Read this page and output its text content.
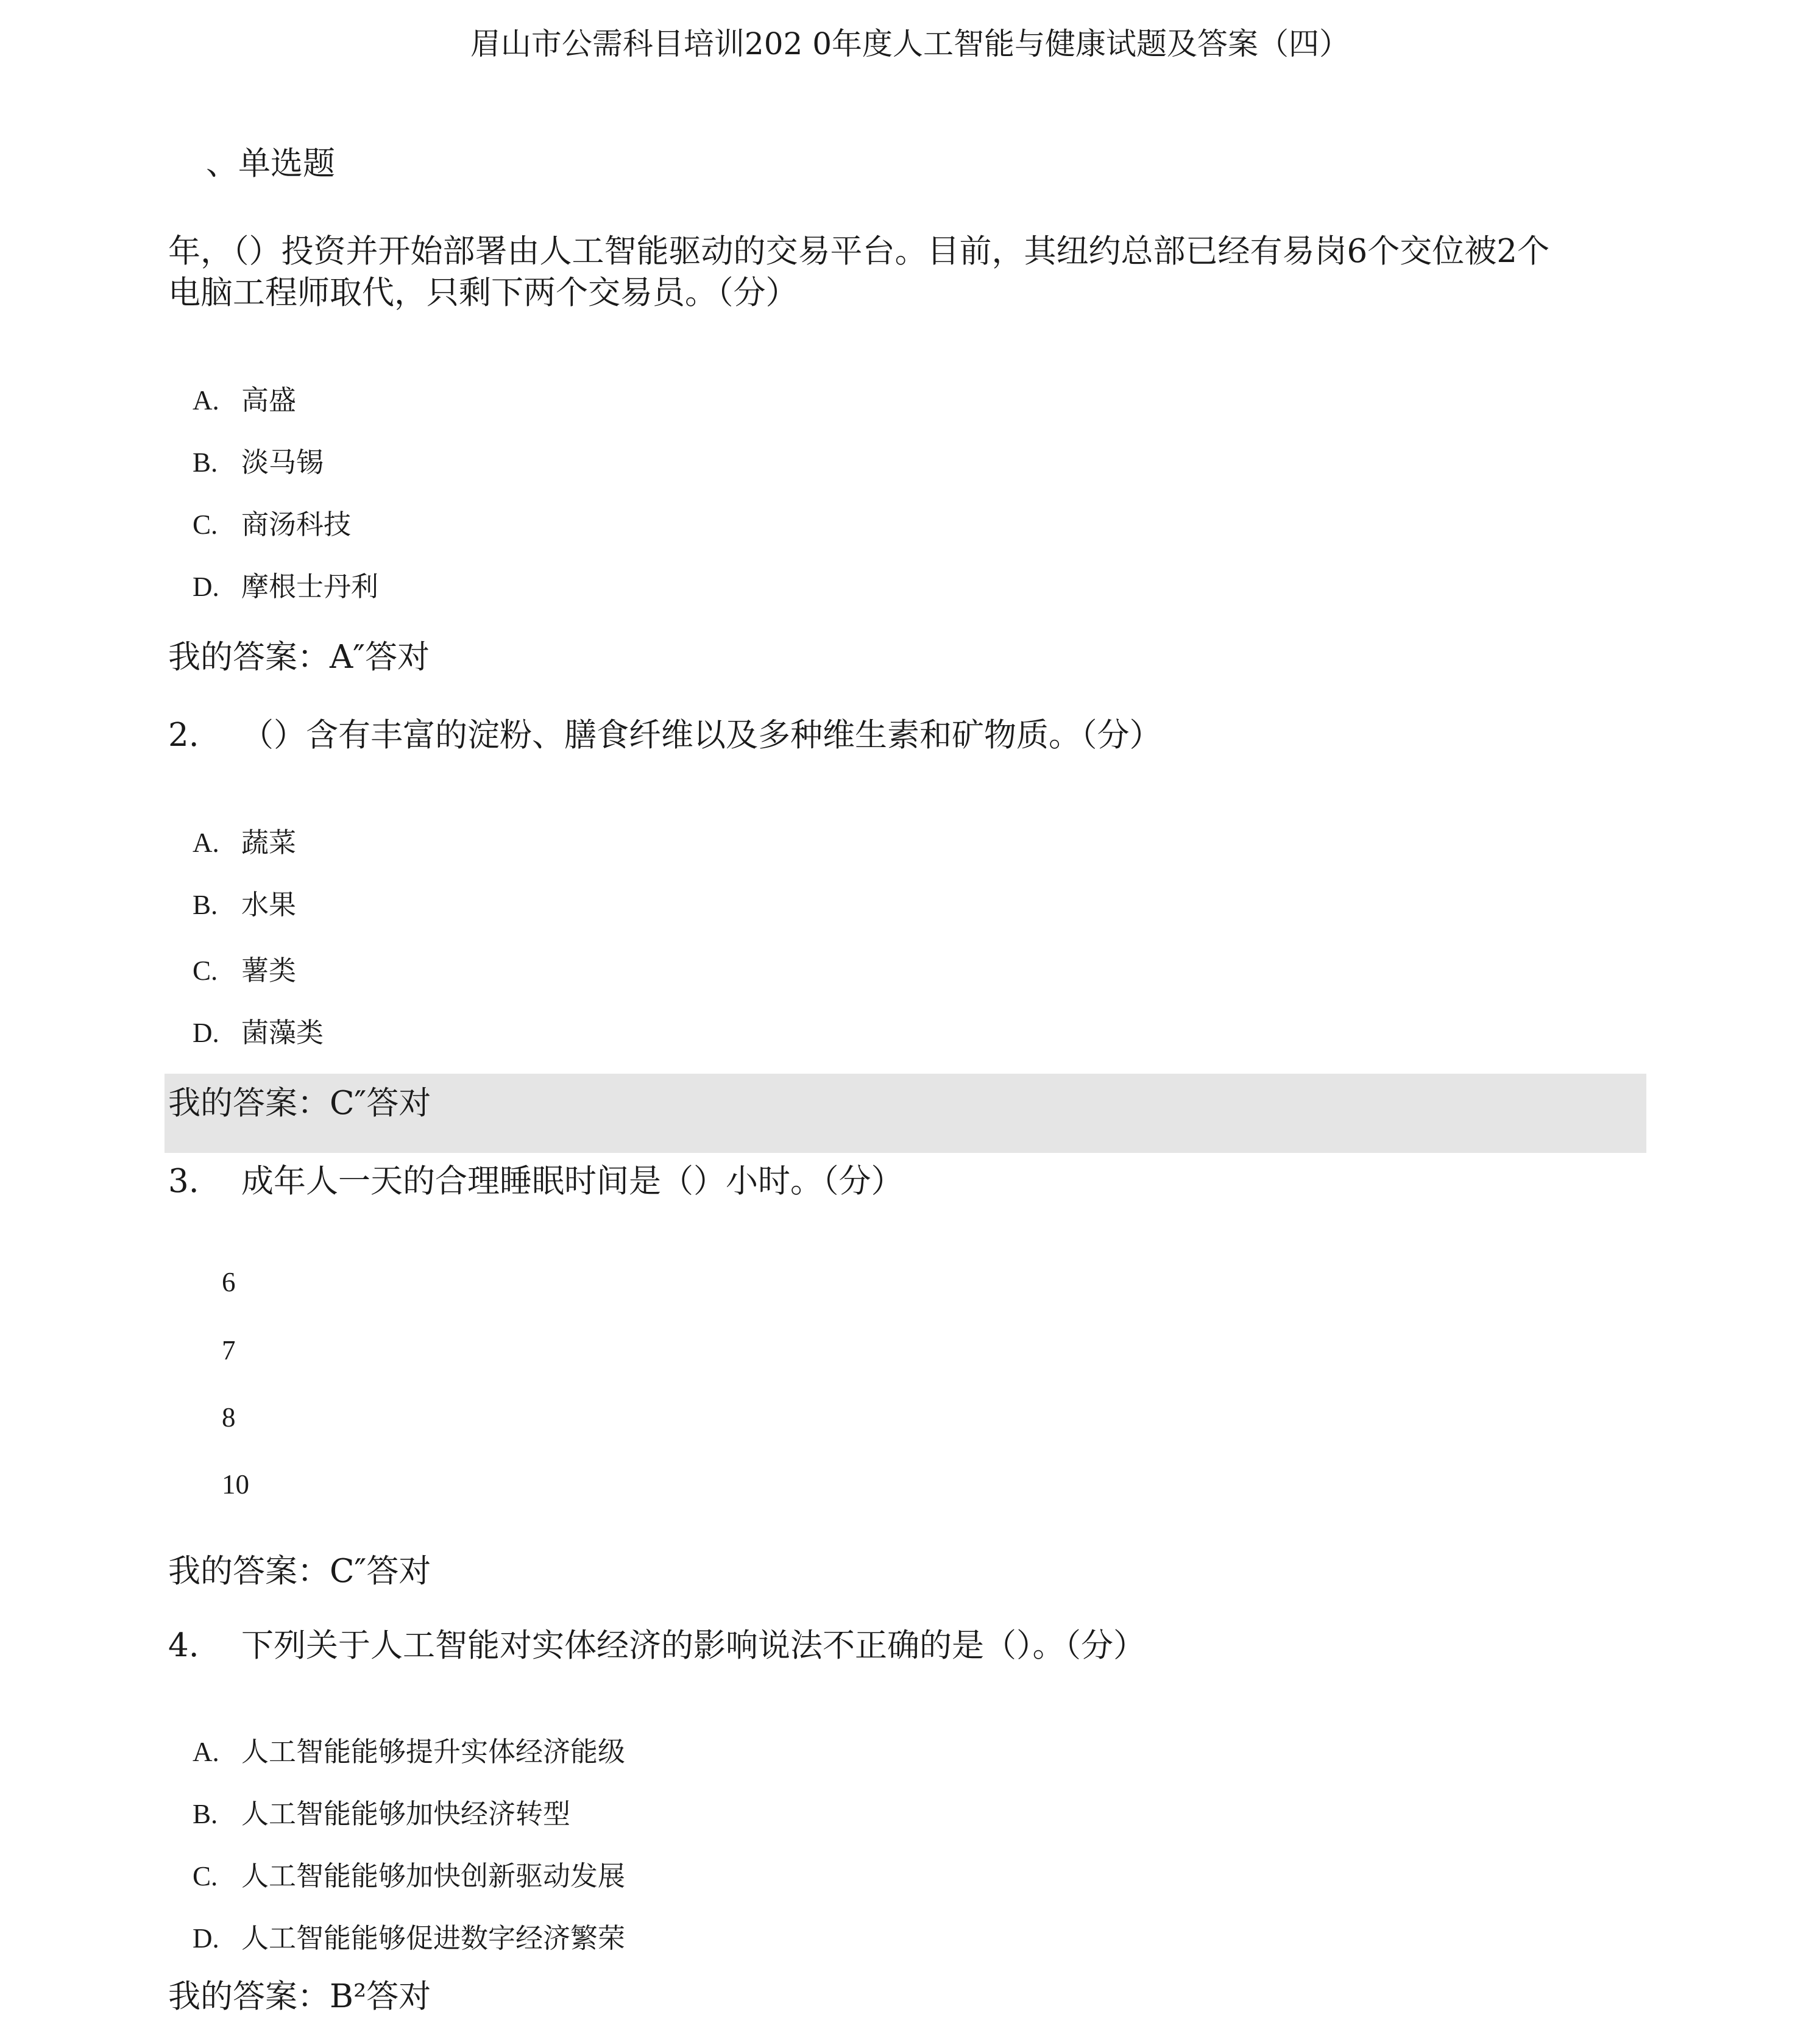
眉山市公需科目培训202 0年度人工智能与健康试题及答案（四）
、单选题
年，（）投资并开始部署由人工智能驱动的交易平台。目前，其纽约总部已经有易岗6个交位被2个
电脑工程师取代，只剩下两个交易员。（分）
A. 高盛
B. 淡马锡
C. 商汤科技
D. 摩根士丹利
我的答案：A″答对
2. （）含有丰富的淀粉、膳食纤维以及多种维生素和矿物质。（分）
A. 蔬菜
B. 水果
C. 薯类
D. 菌藻类
我的答案：C″答对
3. 成年人一天的合理睡眠时间是（）小时。（分）
6
7
8
10
我的答案：C″答对
4. 下列关于人工智能对实体经济的影响说法不正确的是（）。（分）
A. 人工智能能够提升实体经济能级
B. 人工智能能够加快经济转型
C. 人工智能能够加快创新驱动发展
D. 人工智能能够促进数字经济繁荣
我的答案：B²答对
